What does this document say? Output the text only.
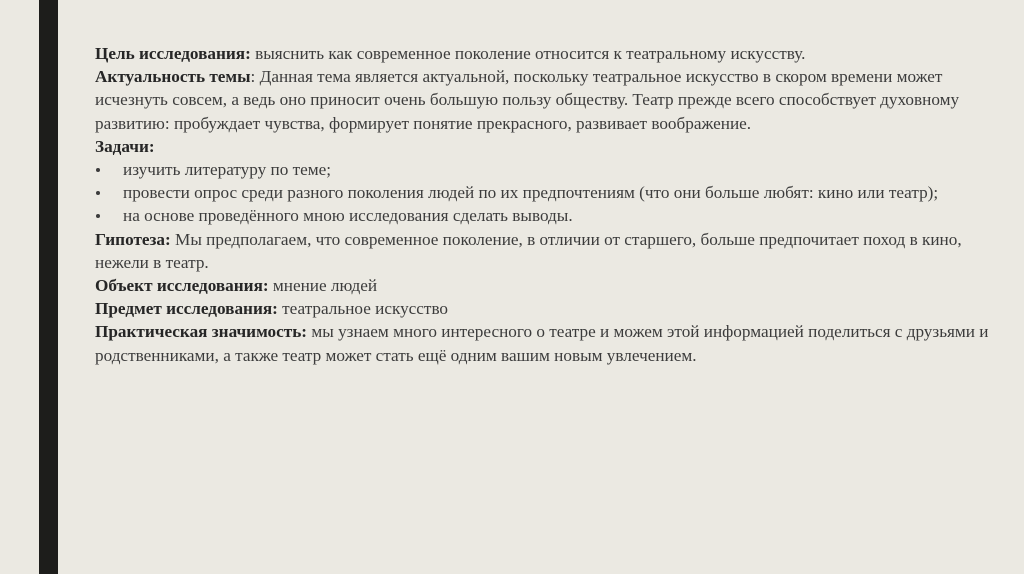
Цель исследования: выяснить как современное поколение относится к театральному искусству.

Актуальность темы: Данная тема является актуальной, поскольку театральное искусство в скором времени может исчезнуть совсем, а ведь оно приносит очень большую пользу обществу. Театр прежде всего способствует духовному развитию: пробуждает чувства, формирует понятие прекрасного, развивает воображение.

Задачи:

изучить литературу по теме;
провести опрос среди разного поколения людей по их предпочтениям (что они больше любят: кино или театр);
на основе проведённого мною исследования сделать выводы.

Гипотеза: Мы предполагаем, что современное поколение, в отличии от старшего, больше предпочитает поход в кино, нежели в театр.

Объект исследования: мнение людей

Предмет исследования: театральное искусство

Практическая значимость: мы узнаем много интересного о театре и можем этой информацией поделиться с друзьями и родственниками, а также театр может стать ещё одним вашим новым увлечением.
